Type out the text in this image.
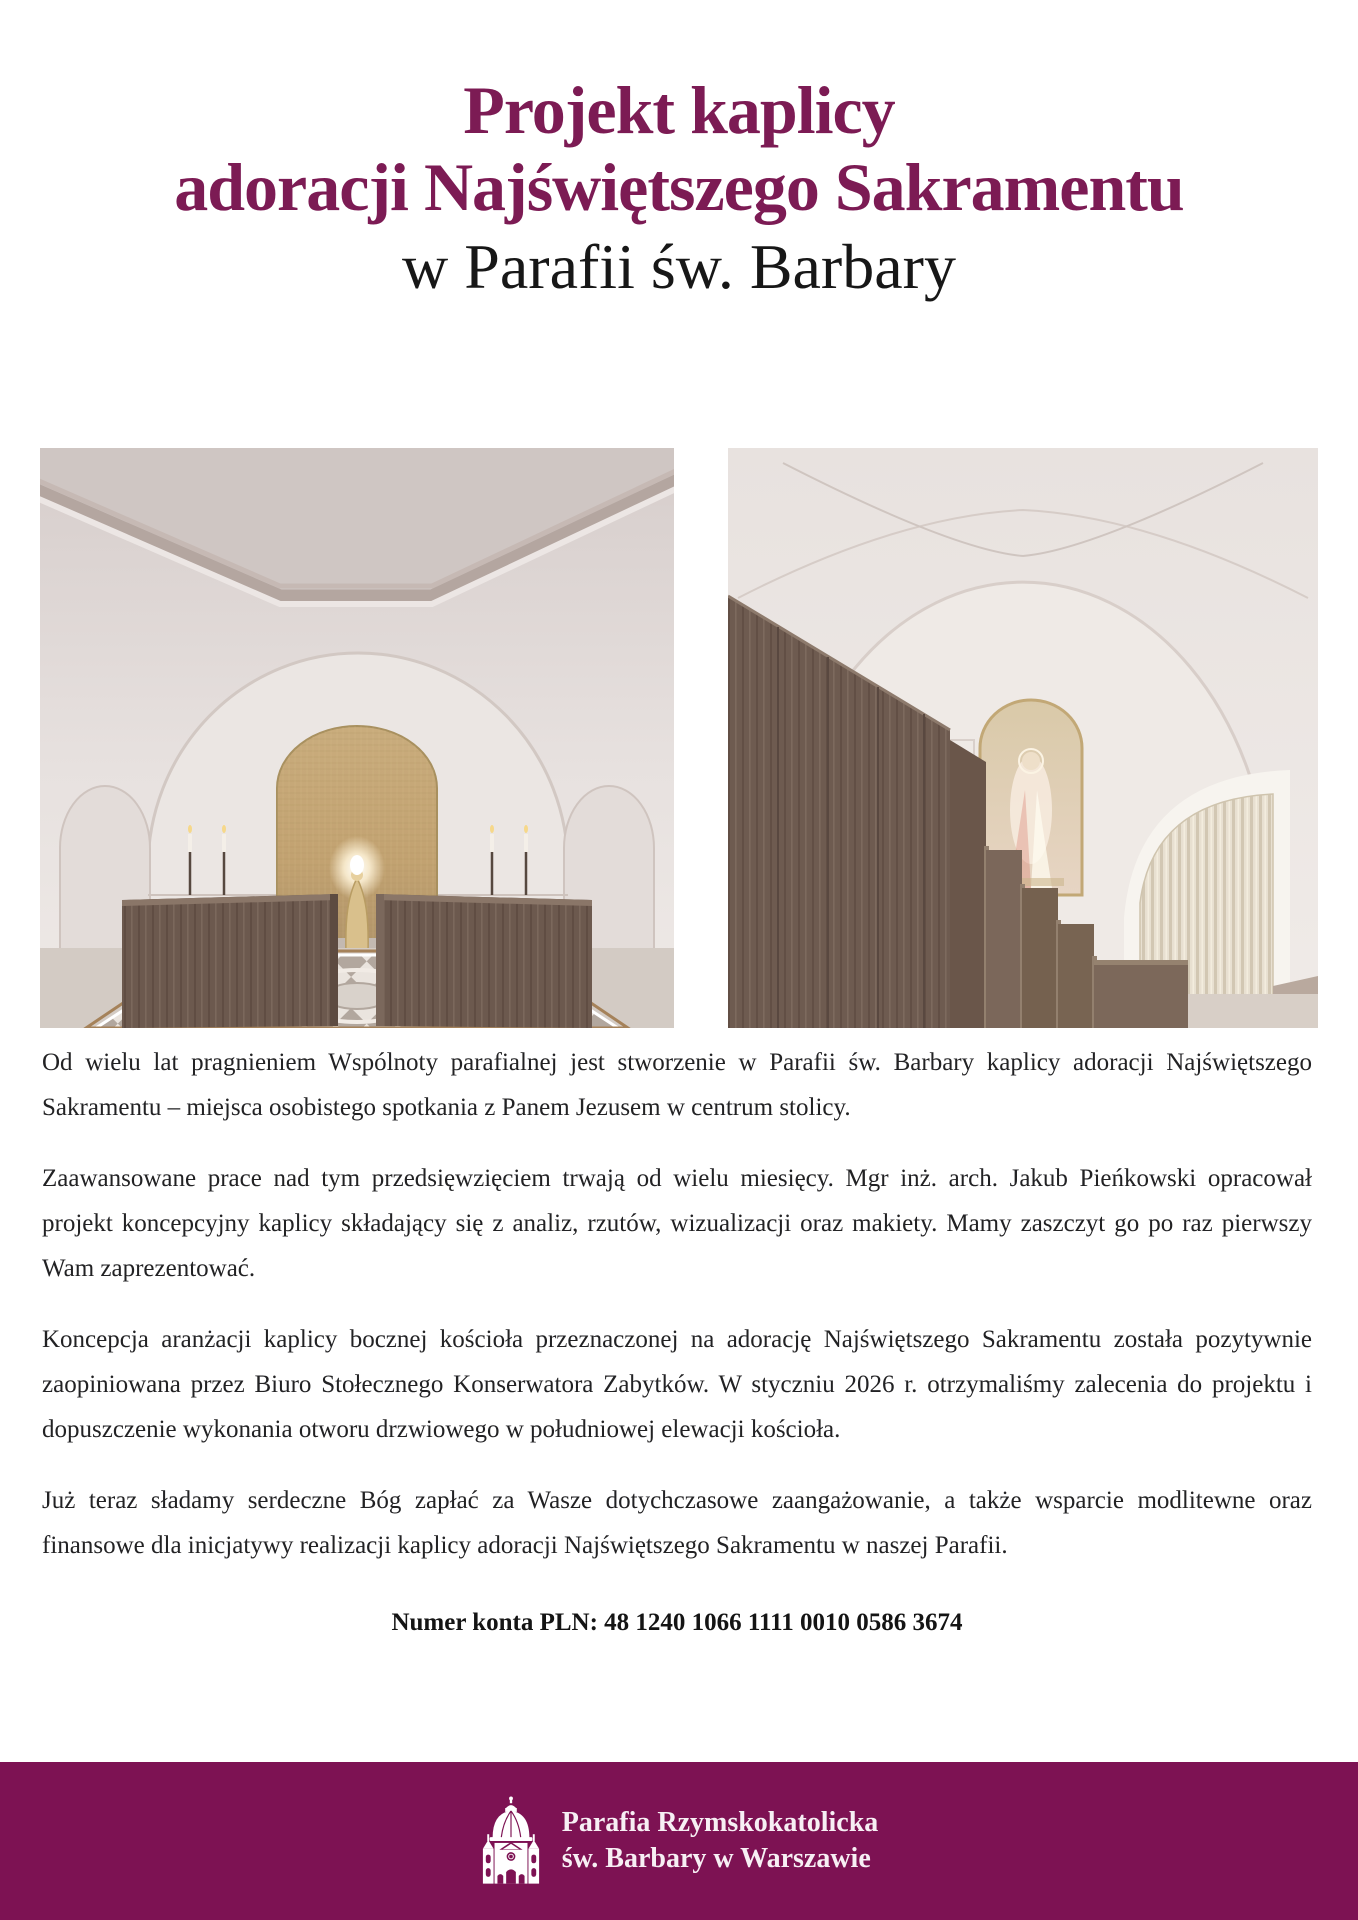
Projekt kaplicy
adoracji Najświętszego Sakramentu
w Parafii św. Barbary

Od wielu lat pragnieniem Wspólnoty parafialnej jest stworzenie w Parafii św. Barbary kaplicy adoracji Najświętszego Sakramentu – miejsca osobistego spotkania z Panem Jezusem w centrum stolicy.

Zaawansowane prace nad tym przedsięwzięciem trwają od wielu miesięcy. Mgr inż. arch. Jakub Pieńkowski opracował projekt koncepcyjny kaplicy składający się z analiz, rzutów, wizualizacji oraz makiety. Mamy zaszczyt go po raz pierwszy Wam zaprezentować.

Koncepcja aranżacji kaplicy bocznej kościoła przeznaczonej na adorację Najświętszego Sakramentu została pozytywnie zaopiniowana przez Biuro Stołecznego Konserwatora Zabytków. W styczniu 2026 r. otrzymaliśmy zalecenia do projektu i dopuszczenie wykonania otworu drzwiowego w południowej elewacji kościoła.

Już teraz sładamy serdeczne Bóg zapłać za Wasze dotychczasowe zaangażowanie, a także wsparcie modlitewne oraz finansowe dla inicjatywy realizacji kaplicy adoracji Najświętszego Sakramentu w naszej Parafii.

Numer konta PLN: 48 1240 1066 1111 0010 0586 3674
Parafia Rzymskokatolicka
św. Barbary w Warszawie
